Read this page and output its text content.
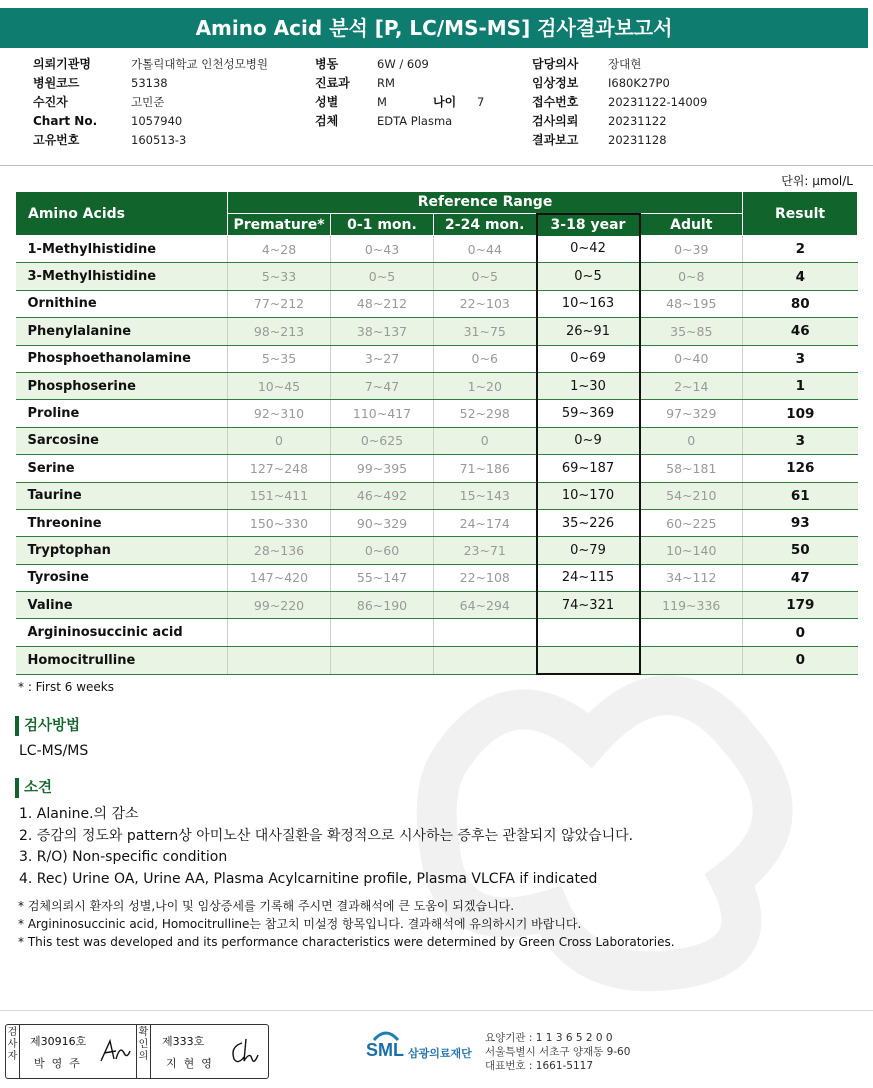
Amino Acid 분석 [P, LC/MS-MS] 검사결과보고서
의뢰기관명	가톨릭대학교 인천성모병원
병원코드	53138
수진자	고민준
Chart No.	1057940
고유번호	160513-3
병동	6W / 609
진료과 RM
성별	M	나이 7
검체	EDTA Plasma
담당의사	장대현
임상정보	I680K27P0
접수번호	20231122-14009
검사의뢰	20231122
결과보고	20231128
단위: μmol/L
Amino Acids	Reference Range					Result
	Premature*	0-1 mon.	2-24 mon.	3-18 year	Adult	
1-Methylhistidine	4~28	0~43	0~44	0~42	0~39	2
3-Methylhistidine	5~33	0~5	0~5	0~5	0~8	4
Ornithine	77~212	48~212	22~103	10~163	48~195	80
Phenylalanine	98~213	38~137	31~75	26~91	35~85	46
Phosphoethanolamine	5~35	3~27	0~6	0~69	0~40	3
Phosphoserine	10~45	7~47	1~20	1~30	2~14	1
Proline	92~310	110~417	52~298	59~369	97~329	109
Sarcosine	0	0~625	0	0~9	0	3
Serine	127~248	99~395	71~186	69~187	58~181	126
Taurine	151~411	46~492	15~143	10~170	54~210	61
Threonine	150~330	90~329	24~174	35~226	60~225	93
Tryptophan	28~136	0~60	23~71	0~79	10~140	50
Tyrosine	147~420	55~147	22~108	24~115	34~112	47
Valine	99~220	86~190	64~294	74~321	119~336	179
Argininosuccinic acid						0
Homocitrulline						0
* : First 6 weeks
검사방법
LC-MS/MS
소견
1. Alanine.의 감소
2. 증감의 정도와 pattern상 아미노산 대사질환을 확정적으로 시사하는 증후는 관찰되지 않았습니다.
3. R/O) Non-specific condition
4. Rec) Urine OA, Urine AA, Plasma Acylcarnitine profile, Plasma VLCFA if indicated
* 검체의뢰시 환자의 성별,나이 및 임상증세를 기록해 주시면 결과해석에 큰 도움이 되겠습니다.
* Argininosuccinic acid, Homocitrulline는 참고치 미설정 항목입니다. 결과해석에 유의하시기 바랍니다.
* This test was developed and its performance characteristics were determined by Green Cross Laboratories.
검사자
제30916호
박영주
확인의
제333호
지현영
SML 삼광의료재단
요양기관 : 1 1 3 6 5 2 0 0
서울특별시 서초구 양재동 9-60
대표번호 : 1661-5117
